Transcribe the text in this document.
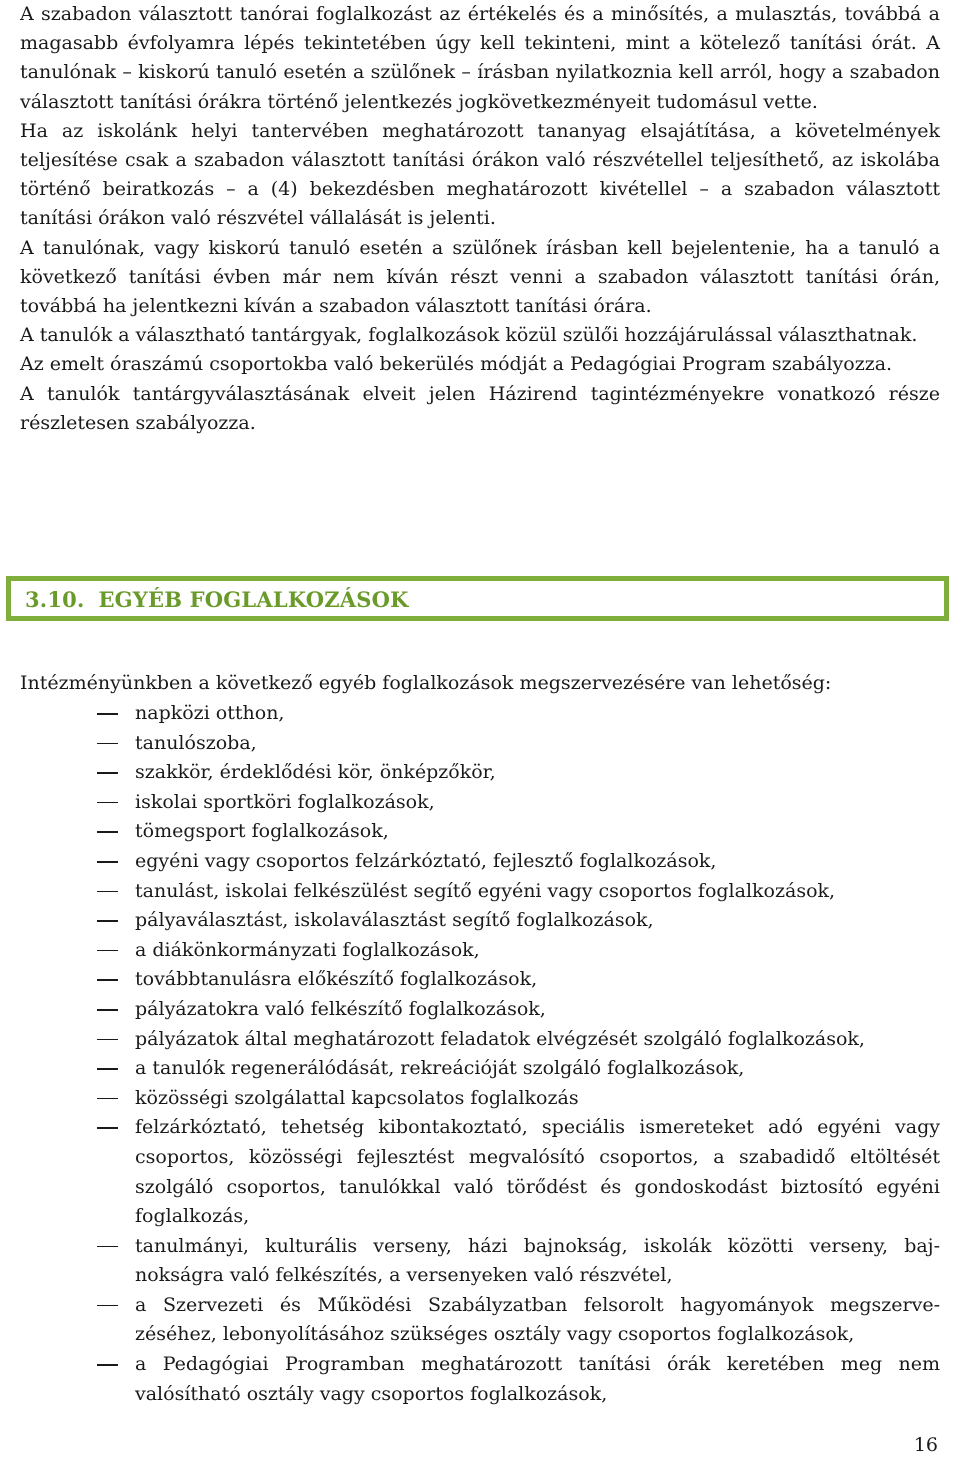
A szabadon választott tanórai foglalkozást az értékelés és a minősítés, a mulasztás, továbbá a magasabb évfolyamra lépés tekintetében úgy kell tekinteni, mint a kötelező tanítási órát. A tanulónak – kiskorú tanuló esetén a szülőnek – írásban nyilatkoznia kell arról, hogy a szabadon választott tanítási órákra történő jelentkezés jogkövetkezményeit tudomásul vette.

Ha az iskolánk helyi tantervében meghatározott tananyag elsajátítása, a követelmények teljesítése csak a szabadon választott tanítási órákon való részvétellel teljesíthető, az iskolába történő beiratkozás – a (4) bekezdésben meghatározott kivétellel – a szabadon választott tanítási órákon való részvétel vállalását is jelenti.

A tanulónak, vagy kiskorú tanuló esetén a szülőnek írásban kell bejelentenie, ha a tanuló a következő tanítási évben már nem kíván részt venni a szabadon választott tanítási órán, továbbá ha jelentkezni kíván a szabadon választott tanítási órára.

A tanulók a választható tantárgyak, foglalkozások közül szülői hozzájárulással választhatnak.

Az emelt óraszámú csoportokba való bekerülés módját a Pedagógiai Program szabályozza.

A tanulók tantárgyválasztásának elveit jelen Házirend tagintézményekre vonatkozó része részletesen szabályozza.

3.10. EGYÉB FOGLALKOZÁSOK

Intézményünkben a következő egyéb foglalkozások megszervezésére van lehetőség:

napközi otthon,
tanulószoba,
szakkör, érdeklődési kör, önképzőkör,
iskolai sportköri foglalkozások,
tömegsport foglalkozások,
egyéni vagy csoportos felzárkóztató, fejlesztő foglalkozások,
tanulást, iskolai felkészülést segítő egyéni vagy csoportos foglalkozások,
pályaválasztást, iskolaválasztást segítő foglalkozások,
a diákönkormányzati foglalkozások,
továbbtanulásra előkészítő foglalkozások,
pályázatokra való felkészítő foglalkozások,
pályázatok által meghatározott feladatok elvégzését szolgáló foglalkozások,
a tanulók regenerálódását, rekreációját szolgáló foglalkozások,
közösségi szolgálattal kapcsolatos foglalkozás
felzárkóztató, tehetség kibontakoztató, speciális ismereteket adó egyéni vagy csoportos, közösségi fejlesztést megvalósító csoportos, a szabadidő eltöltését szolgáló csoportos, tanulókkal való törődést és gondoskodást biztosító egyéni foglalkozás,
tanulmányi, kulturális verseny, házi bajnokság, iskolák közötti verseny, bajnokságra való felkészítés, a versenyeken való részvétel,
a Szervezeti és Működési Szabályzatban felsorolt hagyományok megszervezéséhez, lebonyolításához szükséges osztály vagy csoportos foglalkozások,
a Pedagógiai Programban meghatározott tanítási órák keretében meg nem valósítható osztály vagy csoportos foglalkozások,
16
